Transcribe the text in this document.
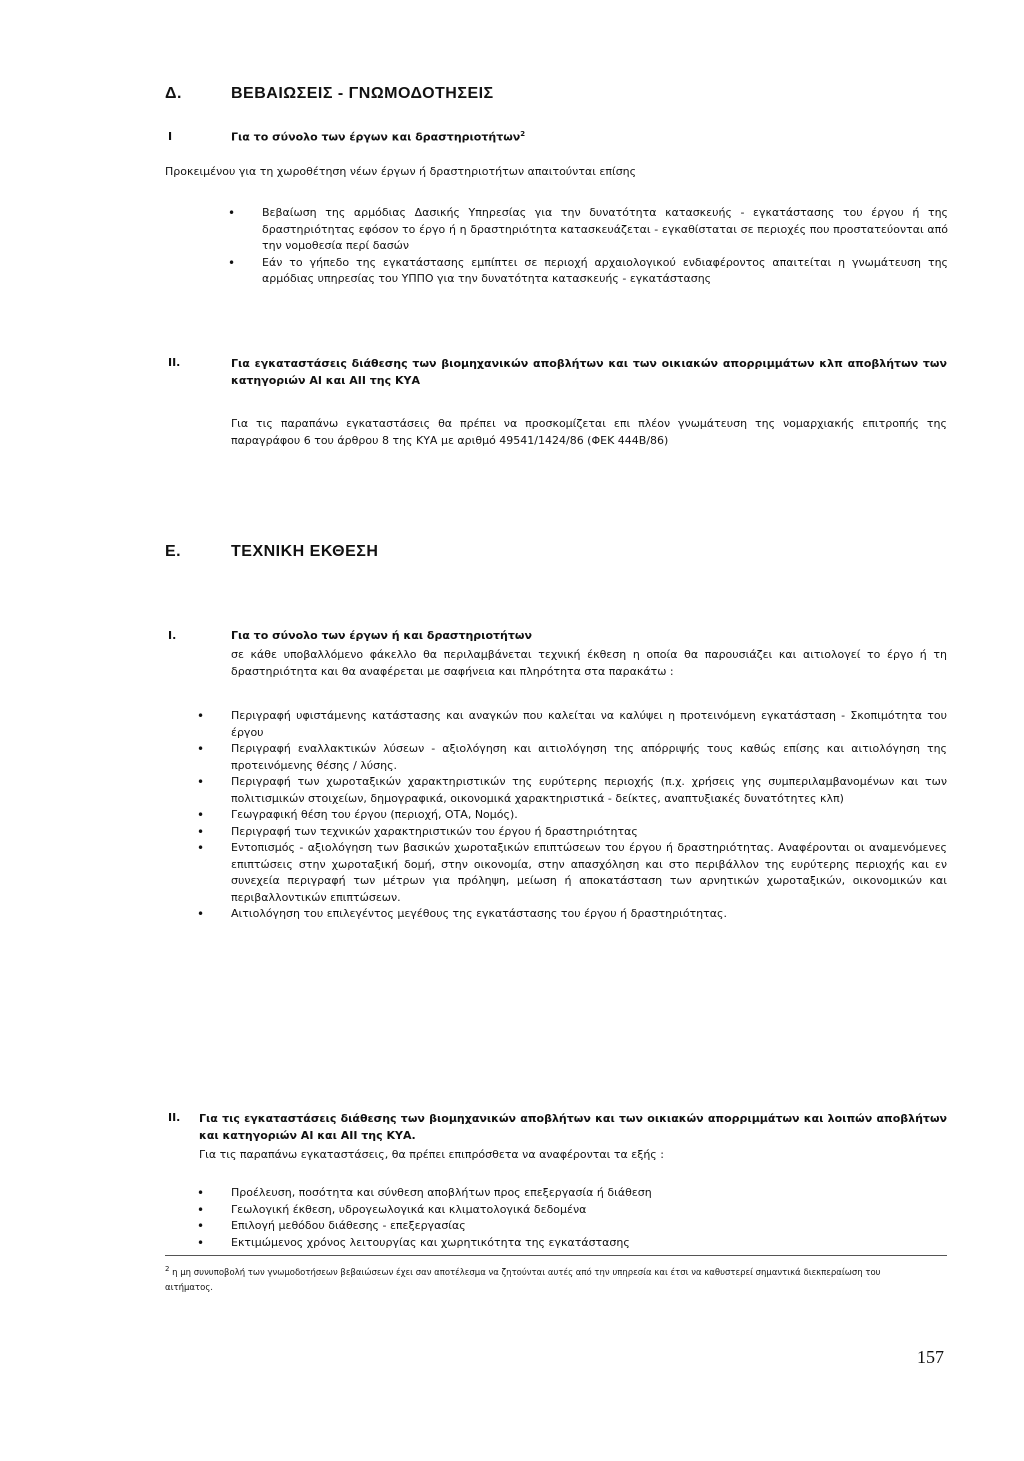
Δ.	ΒΕΒΑΙΩΣΕΙΣ - ΓΝΩΜΟΔΟΤΗΣΕΙΣ
Ι	Για το σύνολο των έργων και δραστηριοτήτων$^2$
Προκειμένου για τη χωροθέτηση νέων έργων ή δραστηριοτήτων απαιτούνται επίσης
• Βεβαίωση της αρμόδιας Δασικής Υπηρεσίας για την δυνατότητα κατασκευής - εγκατάστασης του έργου ή της δραστηριότητας εφόσον το έργο ή η δραστηριότητα κατασκευάζεται - εγκαθίσταται σε περιοχές που προστατεύονται από την νομοθεσία περί δασών
• Εάν το γήπεδο της εγκατάστασης εμπίπτει σε περιοχή αρχαιολογικού ενδιαφέροντος απαιτείται η γνωμάτευση της αρμόδιας υπηρεσίας του ΥΠΠΟ για την δυνατότητα κατασκευής - εγκατάστασης
ΙΙ.	Για εγκαταστάσεις διάθεσης των βιομηχανικών αποβλήτων και των οικιακών απορριμμάτων κλπ αποβλήτων των κατηγοριών ΑΙ και ΑΙΙ της ΚΥΑ
Για τις παραπάνω εγκαταστάσεις θα πρέπει να προσκομίζεται επι πλέον γνωμάτευση της νομαρχιακής επιτροπής της παραγράφου 6 του άρθρου 8 της ΚΥΑ με αριθμό 49541/1424/86 (ΦΕΚ 444Β/86)
Ε.	ΤΕΧΝΙΚΗ ΕΚΘΕΣΗ
Ι.	Για το σύνολο των έργων ή και δραστηριοτήτων
σε κάθε υποβαλλόμενο φάκελλο θα περιλαμβάνεται τεχνική έκθεση η οποία θα παρουσιάζει και αιτιολογεί το έργο ή τη δραστηριότητα και θα αναφέρεται με σαφήνεια και πληρότητα στα παρακάτω :
• Περιγραφή υφιστάμενης κατάστασης και αναγκών που καλείται να καλύψει η προτεινόμενη εγκατάσταση - Σκοπιμότητα του έργου
• Περιγραφή εναλλακτικών λύσεων - αξιολόγηση και αιτιολόγηση της απόρριψής τους καθώς επίσης και αιτιολόγηση της προτεινόμενης θέσης / λύσης.
• Περιγραφή των χωροταξικών χαρακτηριστικών της ευρύτερης περιοχής (π.χ. χρήσεις γης συμπεριλαμβανομένων και των πολιτισμικών στοιχείων, δημογραφικά, οικονομικά χαρακτηριστικά - δείκτες, αναπτυξιακές δυνατότητες κλπ)
• Γεωγραφική θέση του έργου (περιοχή, ΟΤΑ, Νομός).
• Περιγραφή των τεχνικών χαρακτηριστικών του έργου ή δραστηριότητας
• Εντοπισμός - αξιολόγηση των βασικών χωροταξικών επιπτώσεων του έργου ή δραστηριότητας. Αναφέρονται οι αναμενόμενες επιπτώσεις στην χωροταξική δομή, στην οικονομία, στην απασχόληση και στο περιβάλλον της ευρύτερης περιοχής και εν συνεχεία περιγραφή των μέτρων για πρόληψη, μείωση ή αποκατάσταση των αρνητικών χωροταξικών, οικονομικών και περιβαλλοντικών επιπτώσεων.
• Αιτιολόγηση του επιλεγέντος μεγέθους της εγκατάστασης του έργου ή δραστηριότητας.
ΙΙ. Για τις εγκαταστάσεις διάθεσης των βιομηχανικών αποβλήτων και των οικιακών απορριμμάτων και λοιπών αποβλήτων και κατηγοριών ΑΙ και ΑΙΙ της ΚΥΑ.
Για τις παραπάνω εγκαταστάσεις, θα πρέπει επιπρόσθετα να αναφέρονται τα εξής :
• Προέλευση, ποσότητα και σύνθεση αποβλήτων προς επεξεργασία ή διάθεση
• Γεωλογική έκθεση, υδρογεωλογικά και κλιματολογικά δεδομένα
• Επιλογή μεθόδου διάθεσης - επεξεργασίας
• Εκτιμώμενος χρόνος λειτουργίας και χωρητικότητα της εγκατάστασης
$^2$ η μη συνυποβολή των γνωμοδοτήσεων βεβαιώσεων έχει σαν αποτέλεσμα να ζητούνται αυτές από την υπηρεσία και έτσι να καθυστερεί σημαντικά διεκπεραίωση του αιτήματος.
157
